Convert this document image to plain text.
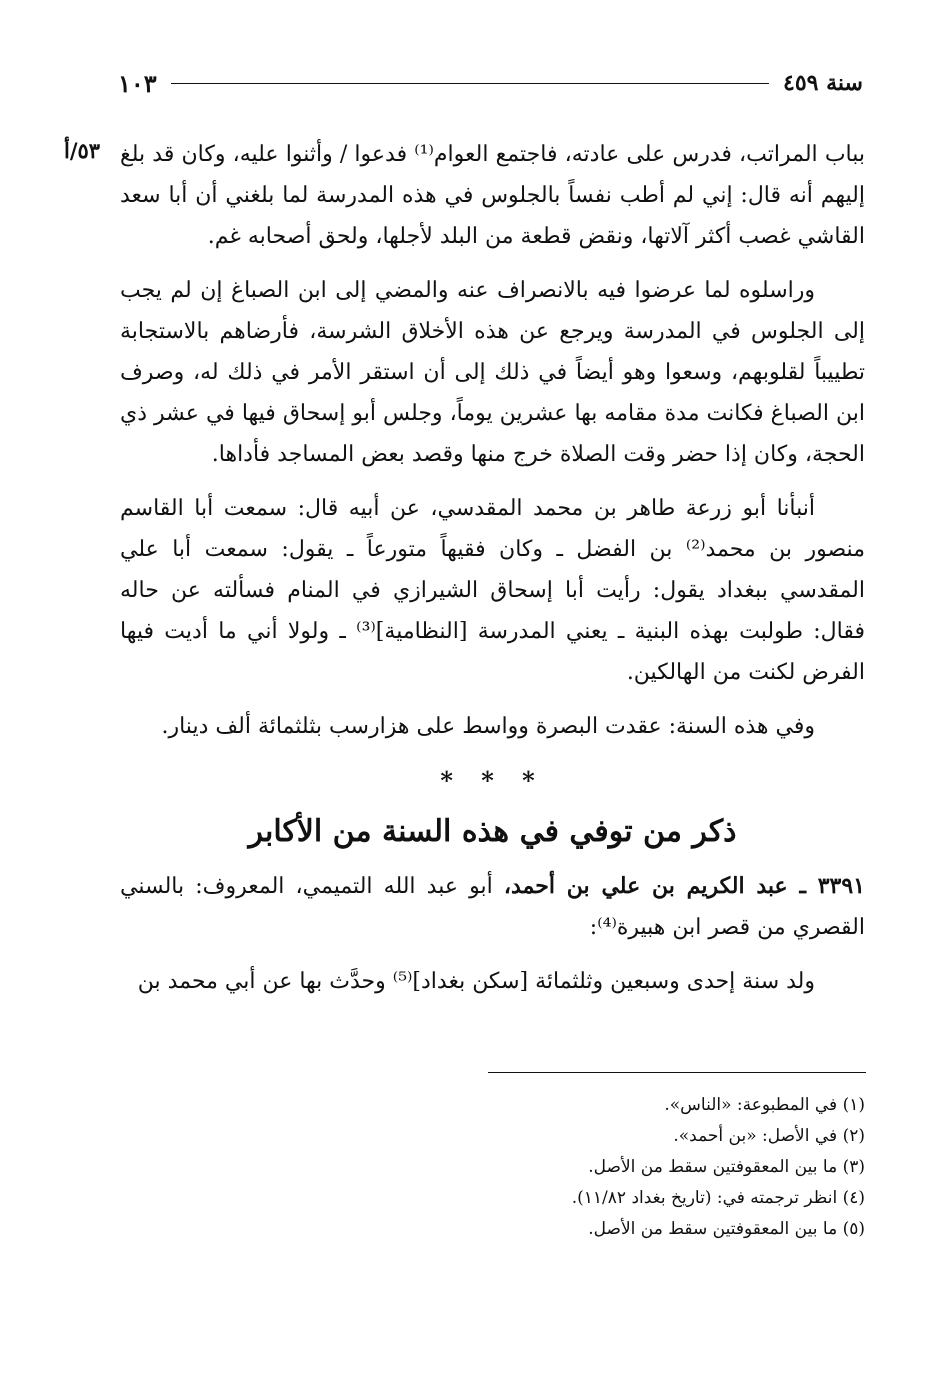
سنة ٤٥٩
١٠٣
٥٣/أ بباب المراتب، فدرس على عادته، فاجتمع العوام⁽¹⁾ فدعوا / وأثنوا عليه، وكان قد بلغ إليهم أنه قال: إني لم أطب نفساً بالجلوس في هذه المدرسة لما بلغني أن أبا سعد القاشي غصب أكثر آلاتها، ونقض قطعة من البلد لأجلها، ولحق أصحابه غم.

وراسلوه لما عرضوا فيه بالانصراف عنه والمضي إلى ابن الصباغ إن لم يجب إلى الجلوس في المدرسة ويرجع عن هذه الأخلاق الشرسة، فأرضاهم بالاستجابة تطييباً لقلوبهم، وسعوا وهو أيضاً في ذلك إلى أن استقر الأمر في ذلك له، وصرف ابن الصباغ فكانت مدة مقامه بها عشرين يوماً، وجلس أبو إسحاق فيها في عشر ذي الحجة، وكان إذا حضر وقت الصلاة خرج منها وقصد بعض المساجد فأداها.

أنبأنا أبو زرعة طاهر بن محمد المقدسي، عن أبيه قال: سمعت أبا القاسم منصور بن محمد⁽²⁾ بن الفضل ـ وكان فقيهاً متورعاً ـ يقول: سمعت أبا علي المقدسي ببغداد يقول: رأيت أبا إسحاق الشيرازي في المنام فسألته عن حاله فقال: طولبت بهذه البنية ـ يعني المدرسة [النظامية]⁽³⁾ ـ ولولا أني ما أديت فيها الفرض لكنت من الهالكين.

وفي هذه السنة: عقدت البصرة وواسط على هزارسب بثلثمائة ألف دينار.

* * *
ذكر من توفي في هذه السنة من الأكابر

٣٣٩١ ـ عبد الكريم بن علي بن أحمد، أبو عبد الله التميمي، المعروف: بالسني القصري من قصر ابن هبيرة⁽⁴⁾:

ولد سنة إحدى وسبعين وثلثمائة [سكن بغداد]⁽⁵⁾ وحدَّث بها عن أبي محمد بن

(١) في المطبوعة: «الناس».
(٢) في الأصل: «بن أحمد».
(٣) ما بين المعقوفتين سقط من الأصل.
(٤) انظر ترجمته في: (تاريخ بغداد ١١/٨٢).
(٥) ما بين المعقوفتين سقط من الأصل.
